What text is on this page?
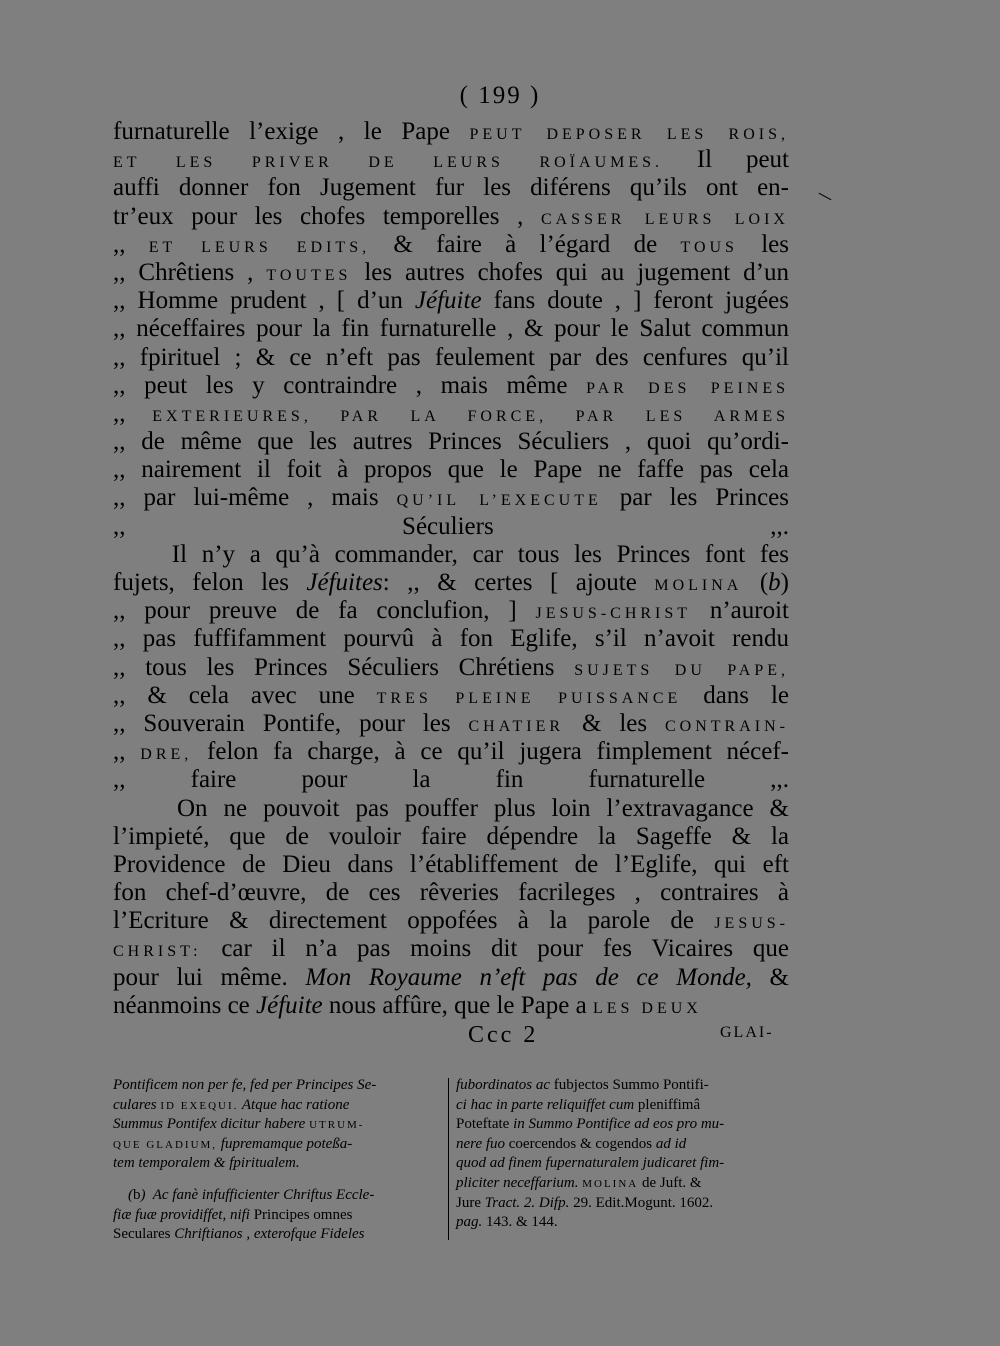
( 199 )
furnaturelle l’exige , le Pape PEUT DEPOSER LES ROIS,
ET LES PRIVER DE LEURS ROÏAUMES. Il peut
auffi donner fon Jugement fur les diférens qu’ils ont en-
tr’eux pour les chofes temporelles , CASSER LEURS LOIX
,, ET LEURS EDITS, & faire à l’égard de TOUS les
,, Chrêtiens , TOUTES les autres chofes qui au jugement d’un
,, Homme prudent , [ d’un Jéfuite fans doute , ] feront jugées
,, néceffaires pour la fin furnaturelle , & pour le Salut commun
,, fpirituel ; & ce n’eft pas feulement par des cenfures qu’il
,, peut les y contraindre , mais même PAR DES PEINES
,, EXTERIEURES, PAR LA FORCE, PAR LES ARMES
,, de même que les autres Princes Séculiers , quoi qu’ordi-
,, nairement il foit à propos que le Pape ne faffe pas cela
,, par lui-même , mais QU’IL L’EXECUTE par les Princes
,, Séculiers ,,.
Il n’y a qu’à commander, car tous les Princes font fes
fujets, felon les Jéfuites: ,, & certes [ ajoute MOLINA (b)
,, pour preuve de fa conclufion, ] JESUS-CHRIST n’auroit
,, pas fuffifamment pourvû à fon Eglife, s’il n’avoit rendu
,, tous les Princes Séculiers Chrétiens SUJETS DU PAPE,
,, & cela avec une TRES PLEINE PUISSANCE dans le
,, Souverain Pontife, pour les CHATIER & les CONTRAIN-
,, DRE, felon fa charge, à ce qu’il jugera fimplement nécef-
,, faire pour la fin furnaturelle ,,.
On ne pouvoit pas pouffer plus loin l’extravagance &
l’impieté, que de vouloir faire dépendre la Sageffe & la
Providence de Dieu dans l’établiffement de l’Eglife, qui eft
fon chef-d’œuvre, de ces rêveries facrileges , contraires à
l’Ecriture & directement oppofées à la parole de JESUS-
CHRIST: car il n’a pas moins dit pour fes Vicaires que
pour lui même. Mon Royaume n’eft pas de ce Monde, &
néanmoins ce Jéfuite nous affûre, que le Pape a LES DEUX
Ccc 2	GLAI-
Pontificem non per fe, fed per Principes Se-
culares ID EXEQUI. Atque hac ratione
Summus Pontifex dicitur habere UTRUM-
QUE GLADIUM, fupremamque poteßa-
tem temporalem & fpiritualem.
(b)  Ac fanè infufficienter Chriftus Eccle-
fiæ fuæ providiffet, nifi Principes omnes
Seculares Chriftianos , exterofque Fideles
fubordinatos ac fubjectos Summo Pontifi-
ci hac in parte reliquiffet cum pleniffimâ
Poteftate in Summo Pontifice ad eos pro mu-
nere fuo coercendos & cogendos ad id
quod ad finem fupernaturalem judicaret fim-
pliciter neceffarium. MOLINA de Juft. &
Jure Tract. 2. Difp. 29. Edit.Mogunt. 1602.
pag. 143. & 144.
